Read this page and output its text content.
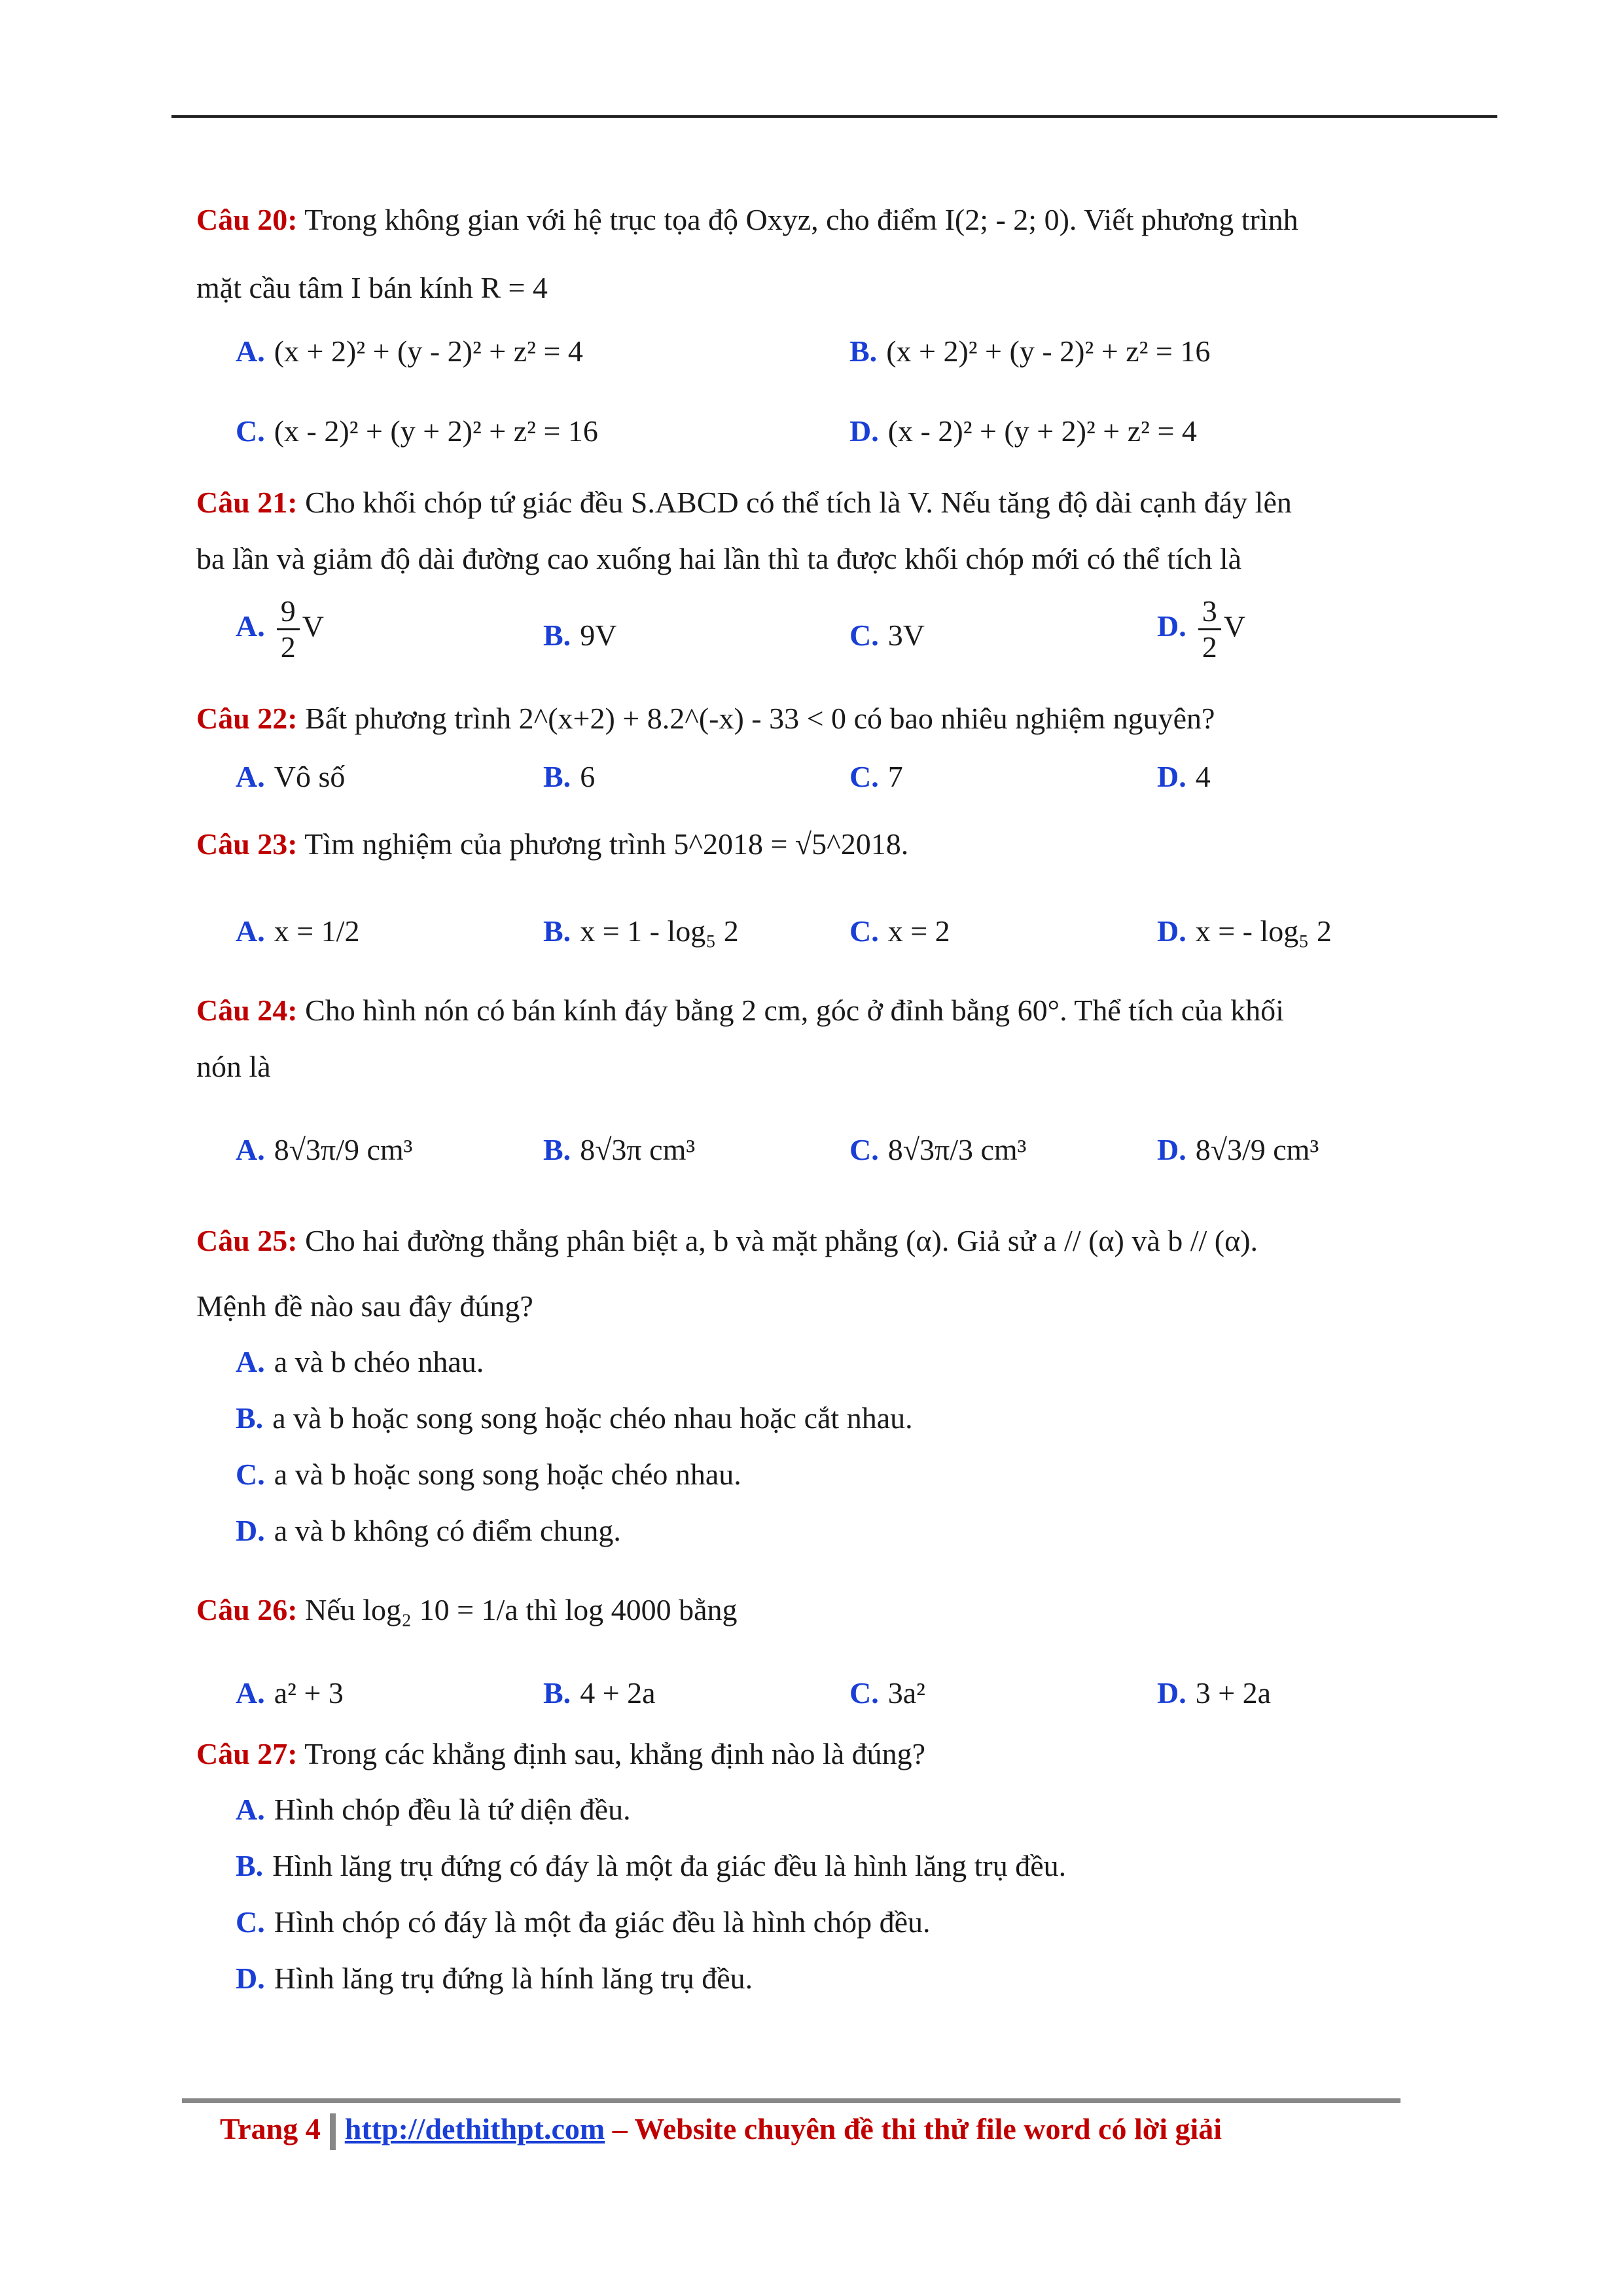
Câu 20: Trong không gian với hệ trục tọa độ Oxyz, cho điểm I(2; - 2; 0). Viết phương trình
mặt cầu tâm I bán kính R = 4
A. (x + 2)² + (y - 2)² + z² = 4	B. (x + 2)² + (y - 2)² + z² = 16
C. (x - 2)² + (y + 2)² + z² = 16	D. (x - 2)² + (y + 2)² + z² = 4
Câu 21: Cho khối chóp tứ giác đều S.ABCD có thể tích là V. Nếu tăng độ dài cạnh đáy lên
ba lần và giảm độ dài đường cao xuống hai lần thì ta được khối chóp mới có thể tích là
A. $\frac{9}{2}$ V	B. 9V	C. 3V	D. $\frac{3}{2}$ V
Câu 22: Bất phương trình 2^(x+2) + 8.2^(-x) - 33 < 0 có bao nhiêu nghiệm nguyên?
A. Vô số	B. 6	C. 7	D. 4
Câu 23: Tìm nghiệm của phương trình 5^2018 = √5^2018.
A. x = 1/2	B. x = 1 - log₅ 2	C. x = 2	D. x = - log₅ 2
Câu 24: Cho hình nón có bán kính đáy bằng 2 cm, góc ở đỉnh bằng 60°. Thể tích của khối
nón là
A. 8√3π/9 cm³	B. 8√3π cm³	C. 8√3π/3 cm³	D. 8√3/9 cm³
Câu 25: Cho hai đường thẳng phân biệt a, b và mặt phẳng (α). Giả sử a // (α) và b // (α).
Mệnh đề nào sau đây đúng?
A. a và b chéo nhau.
B. a và b hoặc song song hoặc chéo nhau hoặc cắt nhau.
C. a và b hoặc song song hoặc chéo nhau.
D. a và b không có điểm chung.
Câu 26: Nếu log₂ 10 = 1/a thì log 4000 bằng
A. a² + 3	B. 4 + 2a	C. 3a²	D. 3 + 2a
Câu 27: Trong các khẳng định sau, khẳng định nào là đúng?
A. Hình chóp đều là tứ diện đều.
B. Hình lăng trụ đứng có đáy là một đa giác đều là hình lăng trụ đều.
C. Hình chóp có đáy là một đa giác đều là hình chóp đều.
D. Hình lăng trụ đứng là hính lăng trụ đều.
Trang 4 http://dethithpt.com – Website chuyên đề thi thử file word có lời giải
